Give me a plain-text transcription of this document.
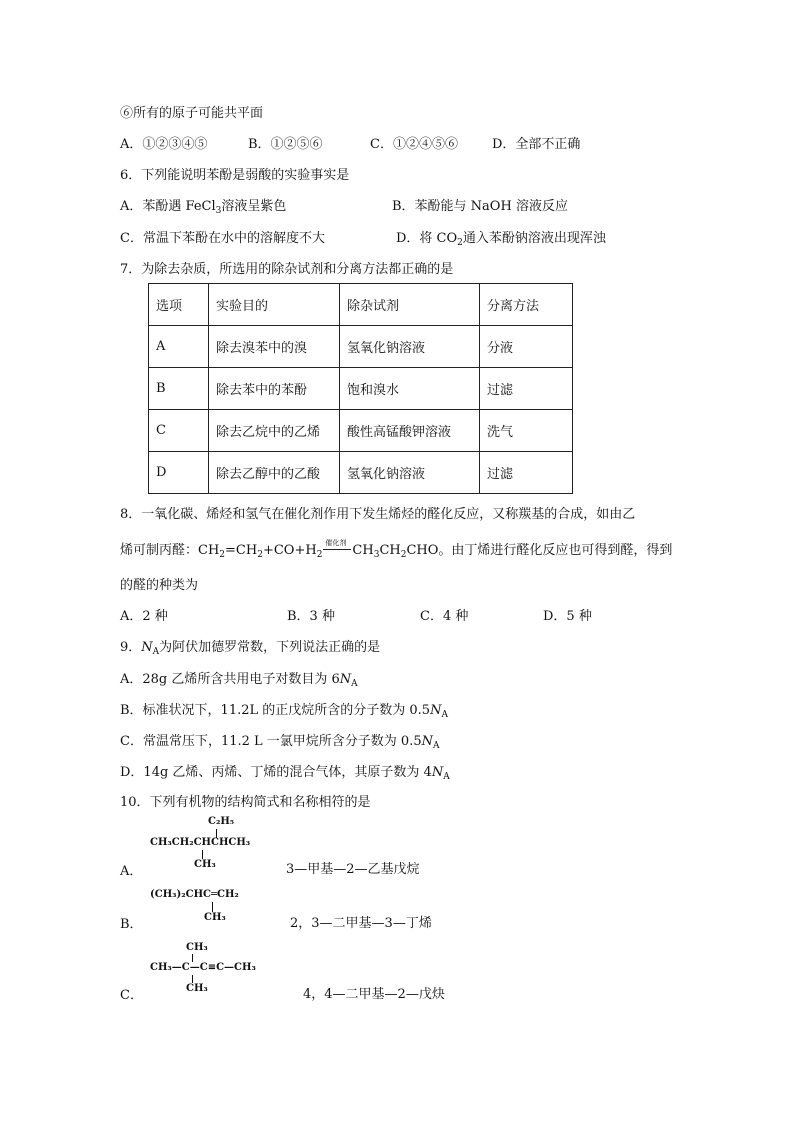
⑥所有的原子可能共平面
A．①②③④⑤	B．①②⑤⑥	C．①②④⑤⑥	D．全部不正确
6．下列能说明苯酚是弱酸的实验事实是
A．苯酚遇 FeCl$_3$溶液呈紫色	B．苯酚能与 NaOH 溶液反应
C．常温下苯酚在水中的溶解度不大	D．将 $CO_2$通入苯酚钠溶液出现浑浊
7．为除去杂质，所选用的除杂试剂和分离方法都正确的是
选项	实验目的	除杂试剂	分离方法
A	除去溴苯中的溴	氢氧化钠溶液	分液
B	除去苯中的苯酚	饱和溴水	过滤
C	除去乙烷中的乙烯	酸性高锰酸钾溶液	洗气
D	除去乙醇中的乙酸	氢氧化钠溶液	过滤
8．一氧化碳、烯烃和氢气在催化剂作用下发生烯烃的醛化反应，又称羰基的合成，如由乙
烯可制丙醛：$CH_2=CH_2+CO+H_2$
催化剂 $CH_3CH_2CHO$。由丁烯进行醛化反应也可得到醛，得到
的醛的种类为
A．2 种	B．3 种	C．4 种	D．5 种
9．$N_A$为阿伏加德罗常数，下列说法正确的是
A．28g 乙烯所含共用电子对数目为 $6N_A$
B．标准状况下，11.2L 的正戊烷所含的分子数为 $0.5N_A$
C．常温常压下，11.2 L 一氯甲烷所含分子数为 $0.5N_A$
D．14g 乙烯、丙烯、丁烯的混合气体，其原子数为 $4N_A$
10．下列有机物的结构简式和名称相符的是
C₂H₅
CH₃CH₂CHCHCH₃
CH₃
A．	3—甲基—2—乙基戊烷
(CH₃)₂CHC═CH₂
CH₃
B．	2，3—二甲基—3—丁烯
CH₃
CH₃—C—C≡C—CH₃
CH₃
C．	4，4—二甲基—2—戊炔
